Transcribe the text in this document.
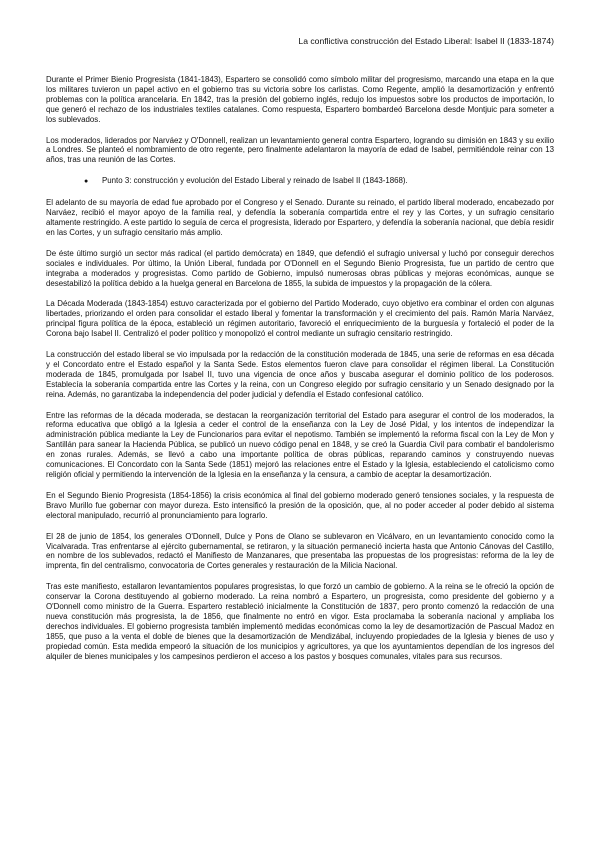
La conflictiva construcción del Estado Liberal: Isabel II (1833-1874)

Durante el Primer Bienio Progresista (1841-1843), Espartero se consolidó como símbolo militar del progresismo, marcando una etapa en la que los militares tuvieron un papel activo en el gobierno tras su victoria sobre los carlistas. Como Regente, amplió la desamortización y enfrentó problemas con la política arancelaria. En 1842, tras la presión del gobierno inglés, redujo los impuestos sobre los productos de importación, lo que generó el rechazo de los industriales textiles catalanes. Como respuesta, Espartero bombardeó Barcelona desde Montjuic para someter a los sublevados.

Los moderados, liderados por Narváez y O'Donnell, realizan un levantamiento general contra Espartero, logrando su dimisión en 1843 y su exilio a Londres. Se planteó el nombramiento de otro regente, pero finalmente adelantaron la mayoría de edad de Isabel, permitiéndole reinar con 13 años, tras una reunión de las Cortes.

●	Punto 3: construcción y evolución del Estado Liberal y reinado de Isabel II (1843-1868).

El adelanto de su mayoría de edad fue aprobado por el Congreso y el Senado. Durante su reinado, el partido liberal moderado, encabezado por Narváez, recibió el mayor apoyo de la familia real, y defendía la soberanía compartida entre el rey y las Cortes, y un sufragio censitario altamente restringido. A este partido lo seguía de cerca el progresista, liderado por Espartero, y defendía la soberanía nacional, que debía residir en las Cortes, y un sufragio censitario más amplio.

De éste último surgió un sector más radical (el partido demócrata) en 1849, que defendió el sufragio universal y luchó por conseguir derechos sociales e individuales. Por último, la Unión Liberal, fundada por O'Donnell en el Segundo Bienio Progresista, fue un partido de centro que integraba a moderados y progresistas. Como partido de Gobierno, impulsó numerosas obras públicas y mejoras económicas, aunque se desestabilizó la política debido a la huelga general en Barcelona de 1855, la subida de impuestos y la propagación de la cólera.

La Década Moderada (1843-1854) estuvo caracterizada por el gobierno del Partido Moderado, cuyo objetivo era combinar el orden con algunas libertades, priorizando el orden para consolidar el estado liberal y fomentar la transformación y el crecimiento del país. Ramón María Narváez, principal figura política de la época, estableció un régimen autoritario, favoreció el enriquecimiento de la burguesía y fortaleció el poder de la Corona bajo Isabel II. Centralizó el poder político y monopolizó el control mediante un sufragio censitario restringido.

La construcción del estado liberal se vio impulsada por la redacción de la constitución moderada de 1845, una serie de reformas en esa década y el Concordato entre el Estado español y la Santa Sede. Estos elementos fueron clave para consolidar el régimen liberal. La Constitución moderada de 1845, promulgada por Isabel II, tuvo una vigencia de once años y buscaba asegurar el dominio político de los poderosos. Establecía la soberanía compartida entre las Cortes y la reina, con un Congreso elegido por sufragio censitario y un Senado designado por la reina. Además, no garantizaba la independencia del poder judicial y defendía el Estado confesional católico.

Entre las reformas de la década moderada, se destacan la reorganización territorial del Estado para asegurar el control de los moderados, la reforma educativa que obligó a la Iglesia a ceder el control de la enseñanza con la Ley de José Pidal, y los intentos de independizar la administración pública mediante la Ley de Funcionarios para evitar el nepotismo. También se implementó la reforma fiscal con la Ley de Mon y Santillán para sanear la Hacienda Pública, se publicó un nuevo código penal en 1848, y se creó la Guardia Civil para combatir el bandolerismo en zonas rurales. Además, se llevó a cabo una importante política de obras públicas, reparando caminos y construyendo nuevas comunicaciones. El Concordato con la Santa Sede (1851) mejoró las relaciones entre el Estado y la Iglesia, estableciendo el catolicismo como religión oficial y permitiendo la intervención de la Iglesia en la enseñanza y la censura, a cambio de aceptar la desamortización.

En el Segundo Bienio Progresista (1854-1856) la crisis económica al final del gobierno moderado generó tensiones sociales, y la respuesta de Bravo Murillo fue gobernar con mayor dureza. Esto intensificó la presión de la oposición, que, al no poder acceder al poder debido al sistema electoral manipulado, recurrió al pronunciamiento para lograrlo.

El 28 de junio de 1854, los generales O'Donnell, Dulce y Pons de Olano se sublevaron en Vicálvaro, en un levantamiento conocido como la Vicalvarada. Tras enfrentarse al ejército gubernamental, se retiraron, y la situación permaneció incierta hasta que Antonio Cánovas del Castillo, en nombre de los sublevados, redactó el Manifiesto de Manzanares, que presentaba las propuestas de los progresistas: reforma de la ley de imprenta, fin del centralismo, convocatoria de Cortes generales y restauración de la Milicia Nacional.

Tras este manifiesto, estallaron levantamientos populares progresistas, lo que forzó un cambio de gobierno. A la reina se le ofreció la opción de conservar la Corona destituyendo al gobierno moderado. La reina nombró a Espartero, un progresista, como presidente del gobierno y a O'Donnell como ministro de la Guerra. Espartero restableció inicialmente la Constitución de 1837, pero pronto comenzó la redacción de una nueva constitución más progresista, la de 1856, que finalmente no entró en vigor. Esta proclamaba la soberanía nacional y ampliaba los derechos individuales. El gobierno progresista también implementó medidas económicas como la ley de desamortización de Pascual Madoz en 1855, que puso a la venta el doble de bienes que la desamortización de Mendizábal, incluyendo propiedades de la Iglesia y bienes de uso y propiedad común. Esta medida empeoró la situación de los municipios y agricultores, ya que los ayuntamientos dependían de los ingresos del alquiler de bienes municipales y los campesinos perdieron el acceso a los pastos y bosques comunales, vitales para sus recursos.
